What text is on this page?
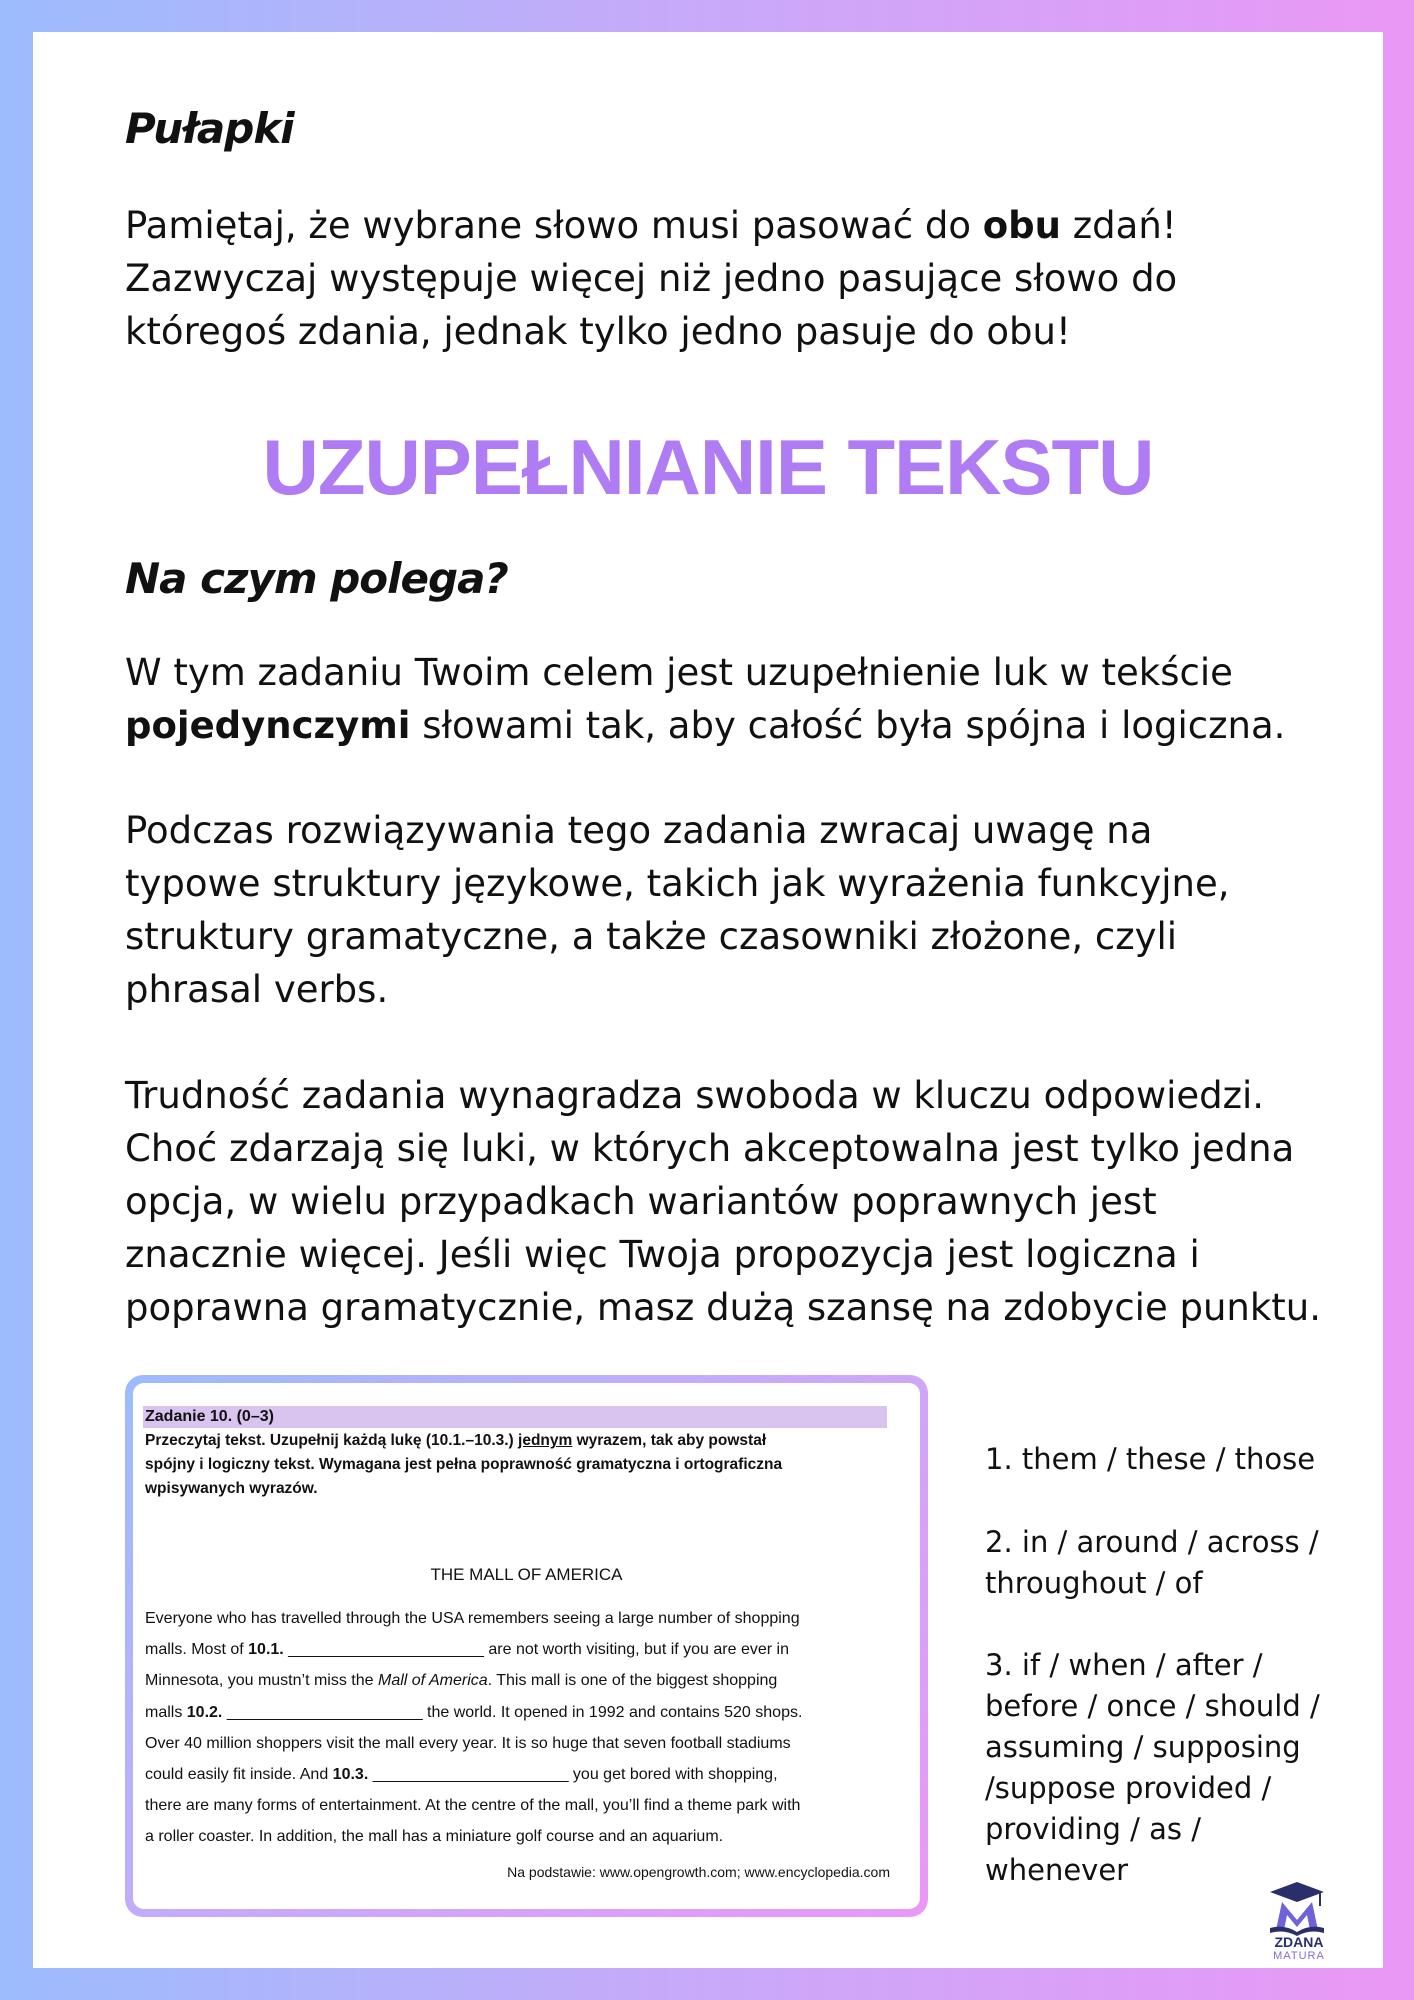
Pułapki

Pamiętaj, że wybrane słowo musi pasować do obu zdań!
Zazwyczaj występuje więcej niż jedno pasujące słowo do
któregoś zdania, jednak tylko jedno pasuje do obu!

UZUPEŁNIANIE TEKSTU
Na czym polega?

W tym zadaniu Twoim celem jest uzupełnienie luk w tekście
pojedynczymi słowami tak, aby całość była spójna i logiczna.

Podczas rozwiązywania tego zadania zwracaj uwagę na
typowe struktury językowe, takich jak wyrażenia funkcyjne,
struktury gramatyczne, a także czasowniki złożone, czyli
phrasal verbs.

Trudność zadania wynagradza swoboda w kluczu odpowiedzi.
Choć zdarzają się luki, w których akceptowalna jest tylko jedna
opcja, w wielu przypadkach wariantów poprawnych jest
znacznie więcej. Jeśli więc Twoja propozycja jest logiczna i
poprawna gramatycznie, masz dużą szansę na zdobycie punktu.

Zadanie 10. (0–3)

Przeczytaj tekst. Uzupełnij każdą lukę (10.1.–10.3.) jednym wyrazem, tak aby powstał
spójny i logiczny tekst. Wymagana jest pełna poprawność gramatyczna i ortograficzna
wpisywanych wyrazów.

THE MALL OF AMERICA

Everyone who has travelled through the USA remembers seeing a large number of shopping
malls. Most of 10.1. ______________________ are not worth visiting, but if you are ever in
Minnesota, you mustn’t miss the Mall of America. This mall is one of the biggest shopping
malls 10.2. ______________________ the world. It opened in 1992 and contains 520 shops.
Over 40 million shoppers visit the mall every year. It is so huge that seven football stadiums
could easily fit inside. And 10.3. ______________________ you get bored with shopping,
there are many forms of entertainment. At the centre of the mall, you’ll find a theme park with
a roller coaster. In addition, the mall has a miniature golf course and an aquarium.

Na podstawie: www.opengrowth.com; www.encyclopedia.com
1. them / these / those
2. in / around / across /
throughout / of
3. if / when / after /
before / once / should /
assuming / supposing
/suppose provided /
providing / as /
whenever
ZDANA
MATURA
